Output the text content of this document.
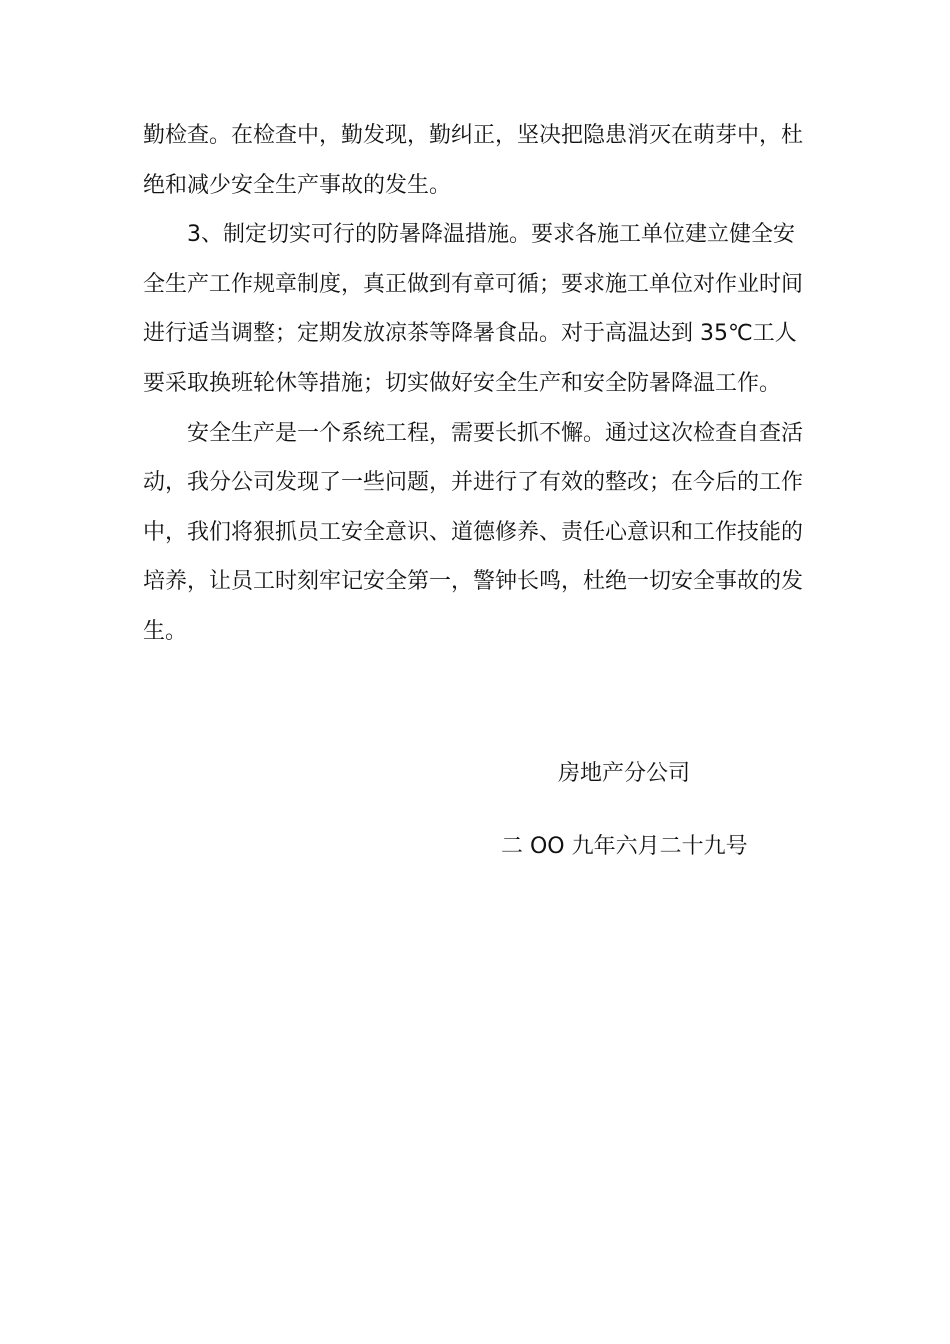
勤检查。在检查中，勤发现，勤纠正，坚决把隐患消灭在萌芽中，杜
绝和减少安全生产事故的发生。
3、制定切实可行的防暑降温措施。要求各施工单位建立健全安
全生产工作规章制度，真正做到有章可循；要求施工单位对作业时间
进行适当调整；定期发放凉茶等降暑食品。对于高温达到 35℃工人
要采取换班轮休等措施；切实做好安全生产和安全防暑降温工作。
安全生产是一个系统工程，需要长抓不懈。通过这次检查自查活
动，我分公司发现了一些问题，并进行了有效的整改；在今后的工作
中，我们将狠抓员工安全意识、道德修养、责任心意识和工作技能的
培养，让员工时刻牢记安全第一，警钟长鸣，杜绝一切安全事故的发
生。
房地产分公司
二 OO 九年六月二十九号
